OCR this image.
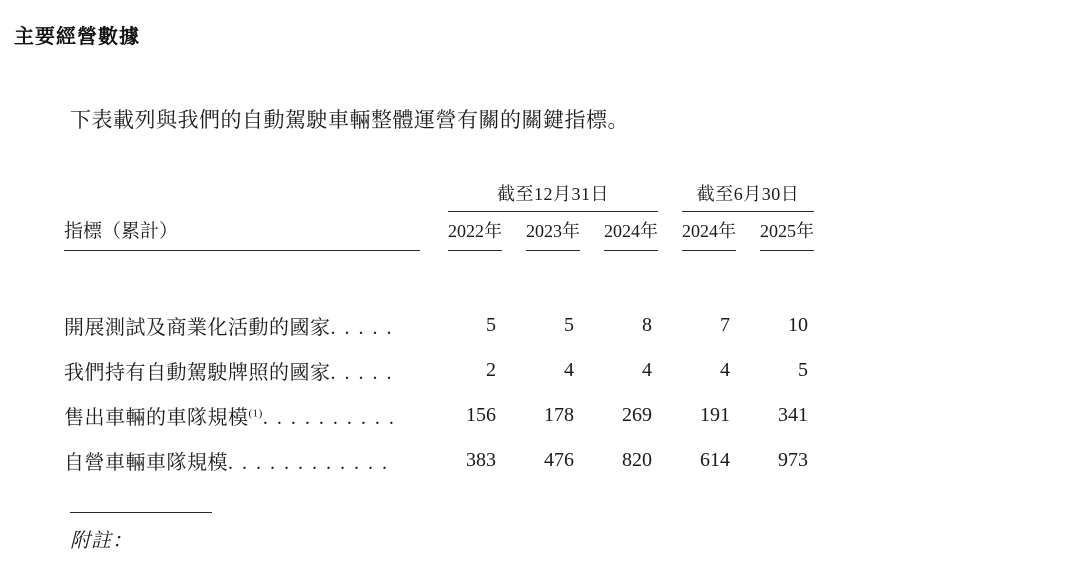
主要經營數據
下表載列與我們的自動駕駛車輛整體運營有關的關鍵指標。
		截至12月31日						截至6月30日		

指標（累計）		2022年		2023年		2024年		2024年		2025年

開展測試及商業化活動的國家. . . . .		5		5		8		7		10
我們持有自動駕駛牌照的國家. . . . .		2		4		4		4		5
售出車輛的車隊規模$^{(1)}$. . . . . . . . . .		156		178		269		191		341
自營車輛車隊規模. . . . . . . . . . . .		383		476		820		614		973
附註：
